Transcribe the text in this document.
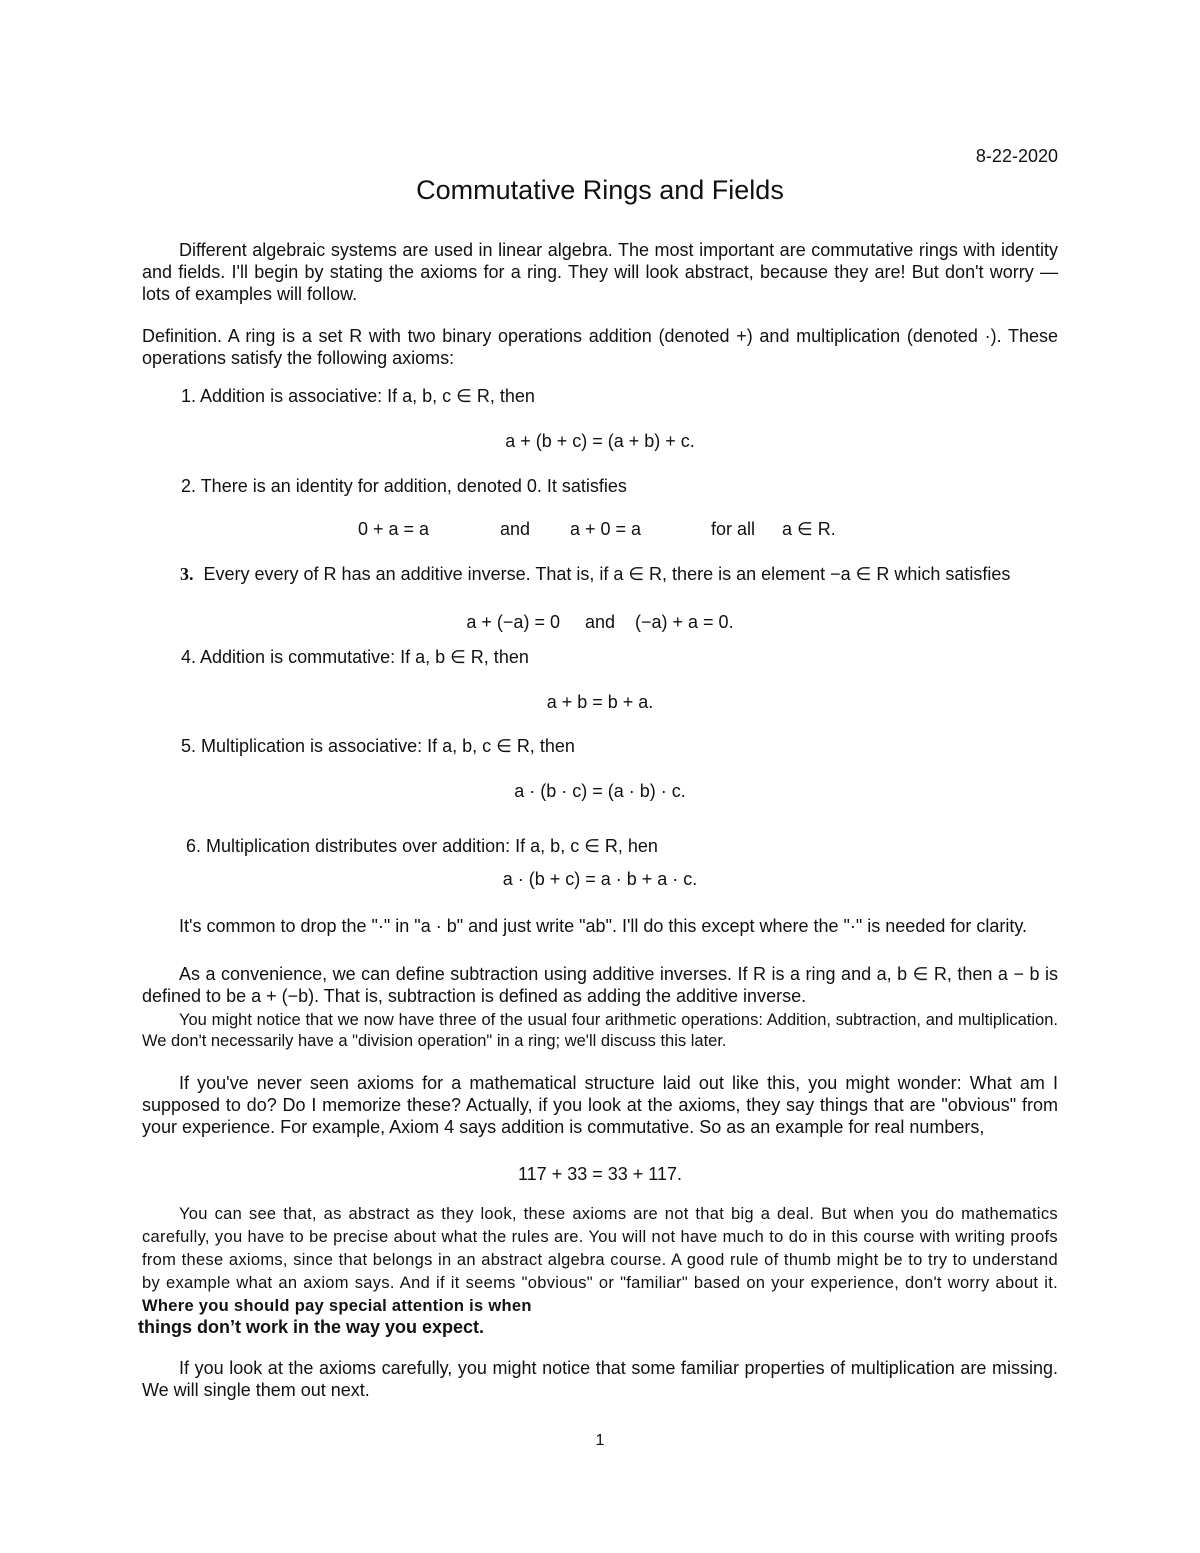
8-22-2020
Commutative Rings and Fields

Different algebraic systems are used in linear algebra. The most important are commutative rings with identity and fields. I'll begin by stating the axioms for a ring. They will look abstract, because they are! But don't worry — lots of examples will follow.

Definition. A ring is a set R with two binary operations addition (denoted +) and multiplication (denoted ·). These operations satisfy the following axioms:

1. Addition is associative: If a, b, c ∈ R, then
a + (b + c) = (a + b) + c.
2. There is an identity for addition, denoted 0. It satisfies
0 + a = a	and a + 0 = a	for all a ∈ R.

3. Every every of R has an additive inverse. That is, if a ∈ R, there is an element −a ∈ R which satisfies

a + (−a) = 0     and    (−a) + a = 0.
4. Addition is commutative: If a, b ∈ R, then
a + b = b + a.
5. Multiplication is associative: If a, b, c ∈ R, then
a · (b · c) = (a · b) · c.
6. Multiplication distributes over addition: If a, b, c ∈ R, hen
a · (b + c) = a · b + a · c.

It's common to drop the "·" in "a · b" and just write "ab". I'll do this except where the "·" is needed for clarity.

As a convenience, we can define subtraction using additive inverses. If R is a ring and a, b ∈ R, then a − b is defined to be a + (−b). That is, subtraction is defined as adding the additive inverse.

You might notice that we now have three of the usual four arithmetic operations: Addition, subtraction, and multiplication. We don't necessarily have a "division operation" in a ring; we'll discuss this later.

If you've never seen axioms for a mathematical structure laid out like this, you might wonder: What am I supposed to do? Do I memorize these? Actually, if you look at the axioms, they say things that are "obvious" from your experience. For example, Axiom 4 says addition is commutative. So as an example for real numbers,

117 + 33 = 33 + 117.

You can see that, as abstract as they look, these axioms are not that big a deal. But when you do mathematics carefully, you have to be precise about what the rules are. You will not have much to do in this course with writing proofs from these axioms, since that belongs in an abstract algebra course. A good rule of thumb might be to try to understand by example what an axiom says. And if it seems "obvious" or "familiar" based on your experience, don't worry about it. Where you should pay special attention is when

things don’t work in the way you expect.

If you look at the axioms carefully, you might notice that some familiar properties of multiplication are missing. We will single them out next.

1
